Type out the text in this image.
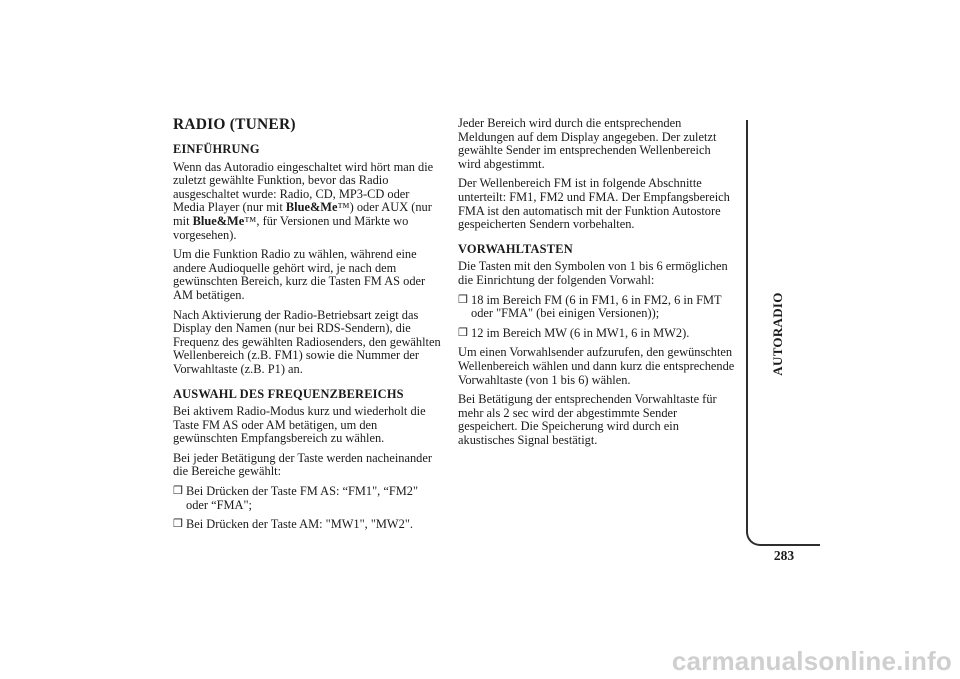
RADIO (TUNER)
EINFÜHRUNG
Wenn das Autoradio eingeschaltet wird hört man die zuletzt gewählte Funktion, bevor das Radio ausgeschaltet wurde: Radio, CD, MP3-CD oder Media Player (nur mit Blue&Me™) oder AUX (nur mit Blue&Me™, für Versionen und Märkte wo vorgesehen).
Um die Funktion Radio zu wählen, während eine andere Audioquelle gehört wird, je nach dem gewünschten Bereich, kurz die Tasten FM AS oder AM betätigen.
Nach Aktivierung der Radio-Betriebsart zeigt das Display den Namen (nur bei RDS-Sendern), die Frequenz des gewählten Radiosenders, den gewählten Wellenbereich (z.B. FM1) sowie die Nummer der Vorwahltaste (z.B. P1) an.
AUSWAHL DES FREQUENZBEREICHS
Bei aktivem Radio-Modus kurz und wiederholt die Taste FM AS oder AM betätigen, um den gewünschten Empfangsbereich zu wählen.
Bei jeder Betätigung der Taste werden nacheinander die Bereiche gewählt:
❒ Bei Drücken der Taste FM AS: “FM1", “FM2" oder “FMA";
❒ Bei Drücken der Taste AM: "MW1", "MW2".
Jeder Bereich wird durch die entsprechenden Meldungen auf dem Display angegeben. Der zuletzt gewählte Sender im entsprechenden Wellenbereich wird abgestimmt.
Der Wellenbereich FM ist in folgende Abschnitte unterteilt: FM1, FM2 und FMA. Der Empfangsbereich FMA ist den automatisch mit der Funktion Autostore gespeicherten Sendern vorbehalten.
VORWAHLTASTEN
Die Tasten mit den Symbolen von 1 bis 6 ermöglichen die Einrichtung der folgenden Vorwahl:
❒ 18 im Bereich FM (6 in FM1, 6 in FM2, 6 in FMT oder "FMA" (bei einigen Versionen));
❒ 12 im Bereich MW (6 in MW1, 6 in MW2).
Um einen Vorwahlsender aufzurufen, den gewünschten Wellenbereich wählen und dann kurz die entsprechende Vorwahltaste (von 1 bis 6) wählen.
Bei Betätigung der entsprechenden Vorwahltaste für mehr als 2 sec wird der abgestimmte Sender gespeichert. Die Speicherung wird durch ein akustisches Signal bestätigt.
AUTORADIO
283
carmanualsonline.info
